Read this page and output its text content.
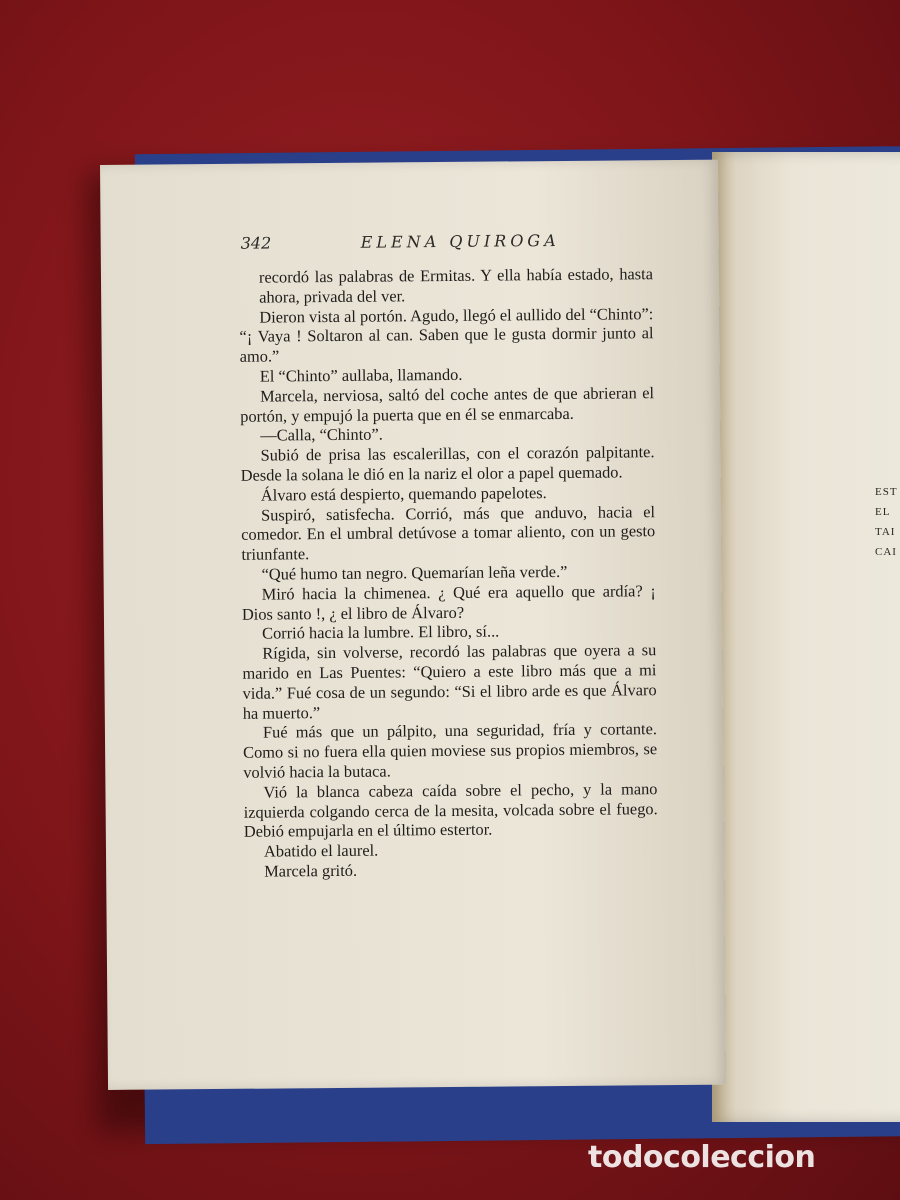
EST
EL
TAI
CAI
342	ELENA QUIROGA

recordó las palabras de Ermitas. Y ella había estado, hasta ahora, privada del ver.

Dieron vista al portón. Agudo, llegó el aullido del “Chinto”: “¡ Vaya ! Soltaron al can. Saben que le gusta dormir junto al amo.”

El “Chinto” aullaba, llamando.

Marcela, nerviosa, saltó del coche antes de que abrieran el portón, y empujó la puerta que en él se enmarcaba.

—Calla, “Chinto”.

Subió de prisa las escalerillas, con el corazón palpitante. Desde la solana le dió en la nariz el olor a papel quemado.

Álvaro está despierto, quemando papelotes.

Suspiró, satisfecha. Corrió, más que anduvo, hacia el comedor. En el umbral detúvose a tomar aliento, con un gesto triunfante.

“Qué humo tan negro. Quemarían leña verde.”

Miró hacia la chimenea. ¿ Qué era aquello que ardía? ¡ Dios santo !, ¿ el libro de Álvaro?

Corrió hacia la lumbre. El libro, sí...

Rígida, sin volverse, recordó las palabras que oyera a su marido en Las Puentes: “Quiero a este libro más que a mi vida.” Fué cosa de un segundo: “Si el libro arde es que Álvaro ha muerto.”

Fué más que un pálpito, una seguridad, fría y cortante. Como si no fuera ella quien moviese sus propios miembros, se volvió hacia la butaca.

Vió la blanca cabeza caída sobre el pecho, y la mano izquierda colgando cerca de la mesita, volcada sobre el fuego. Debió empujarla en el último estertor.

Abatido el laurel.

Marcela gritó.

todocoleccion
